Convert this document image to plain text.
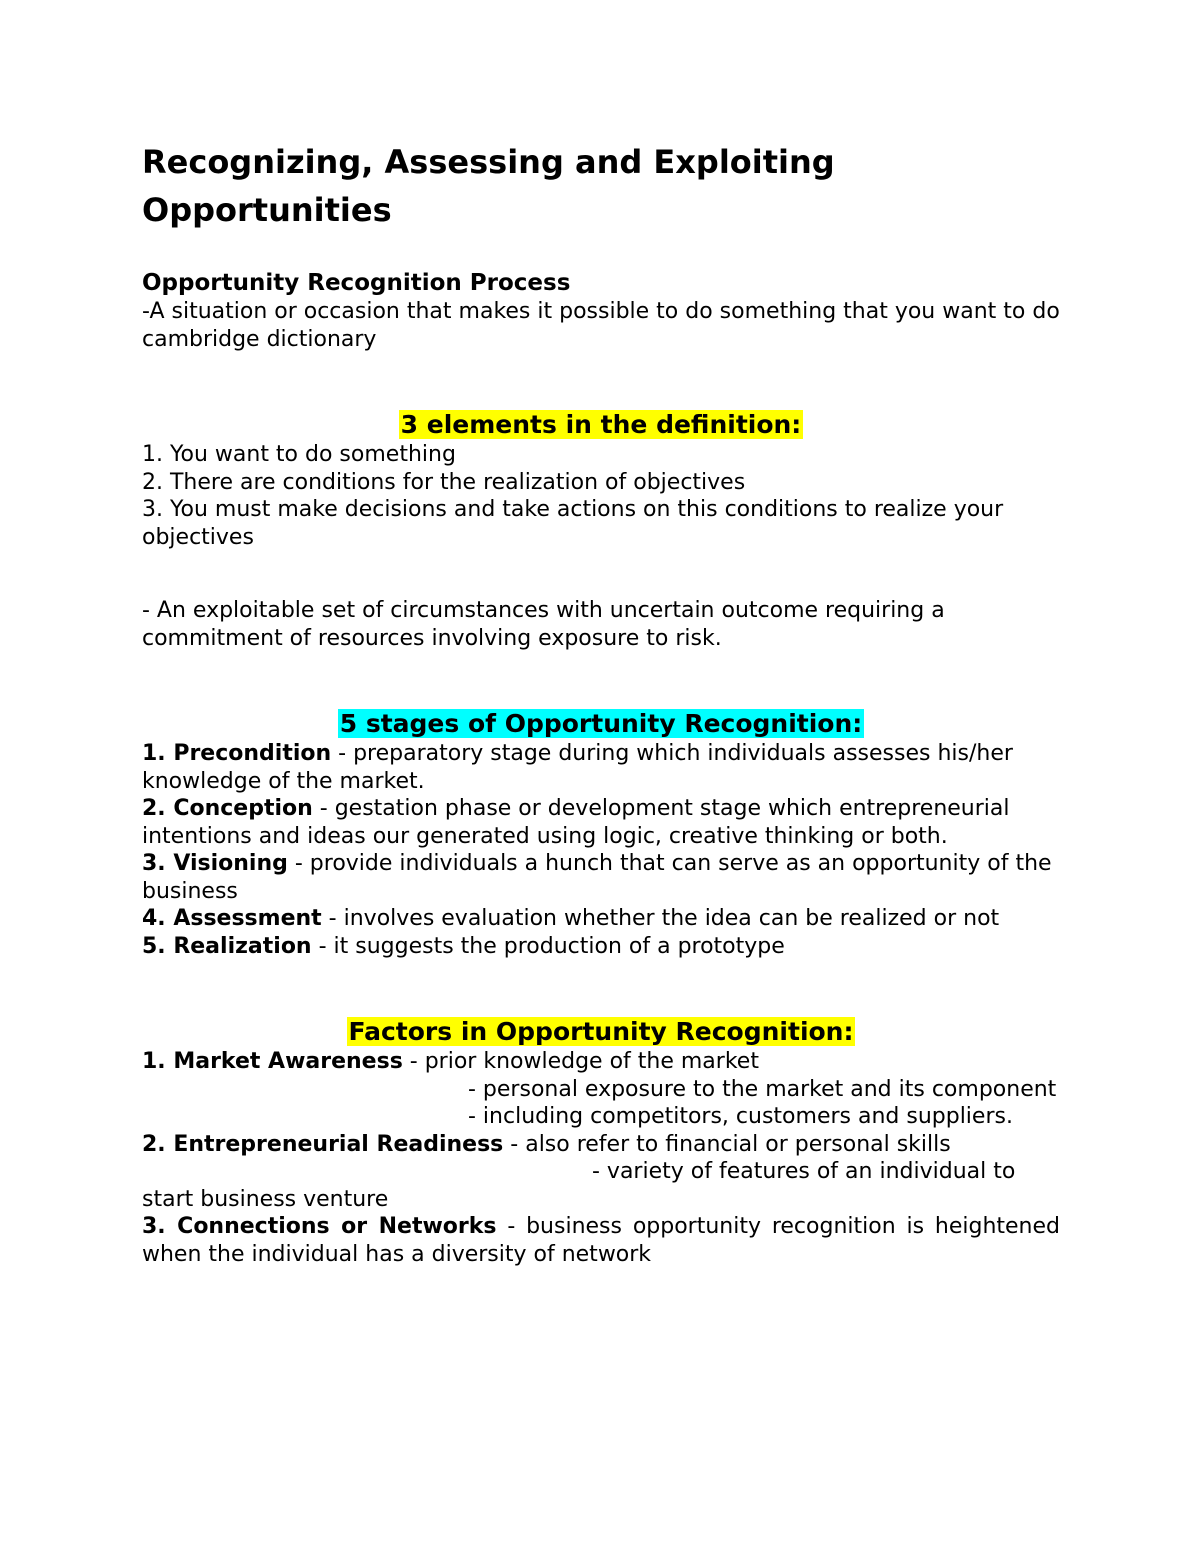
Recognizing, Assessing and Exploiting Opportunities
Opportunity Recognition Process

-A situation or occasion that makes it possible to do something that you want to do cambridge dictionary

3 elements in the definition:

1. You want to do something

2. There are conditions for the realization of objectives

3. You must make decisions and take actions on this conditions to realize your objectives

- An exploitable set of circumstances with uncertain outcome requiring a commitment of resources involving exposure to risk.

5 stages of Opportunity Recognition:

1. Precondition - preparatory stage during which individuals assesses his/her knowledge of the market.

2. Conception - gestation phase or development stage which entrepreneurial intentions and ideas our generated using logic, creative thinking or both.

3. Visioning - provide individuals a hunch that can serve as an opportunity of the business

4. Assessment - involves evaluation whether the idea can be realized or not

5. Realization - it suggests the production of a prototype

Factors in Opportunity Recognition:

1. Market Awareness - prior knowledge of the market

- personal exposure to the market and its component

- including competitors, customers and suppliers.

2. Entrepreneurial Readiness - also refer to financial or personal skills

- variety of features of an individual to start business venture

3. Connections or Networks - business opportunity recognition is heightened when the individual has a diversity of network
